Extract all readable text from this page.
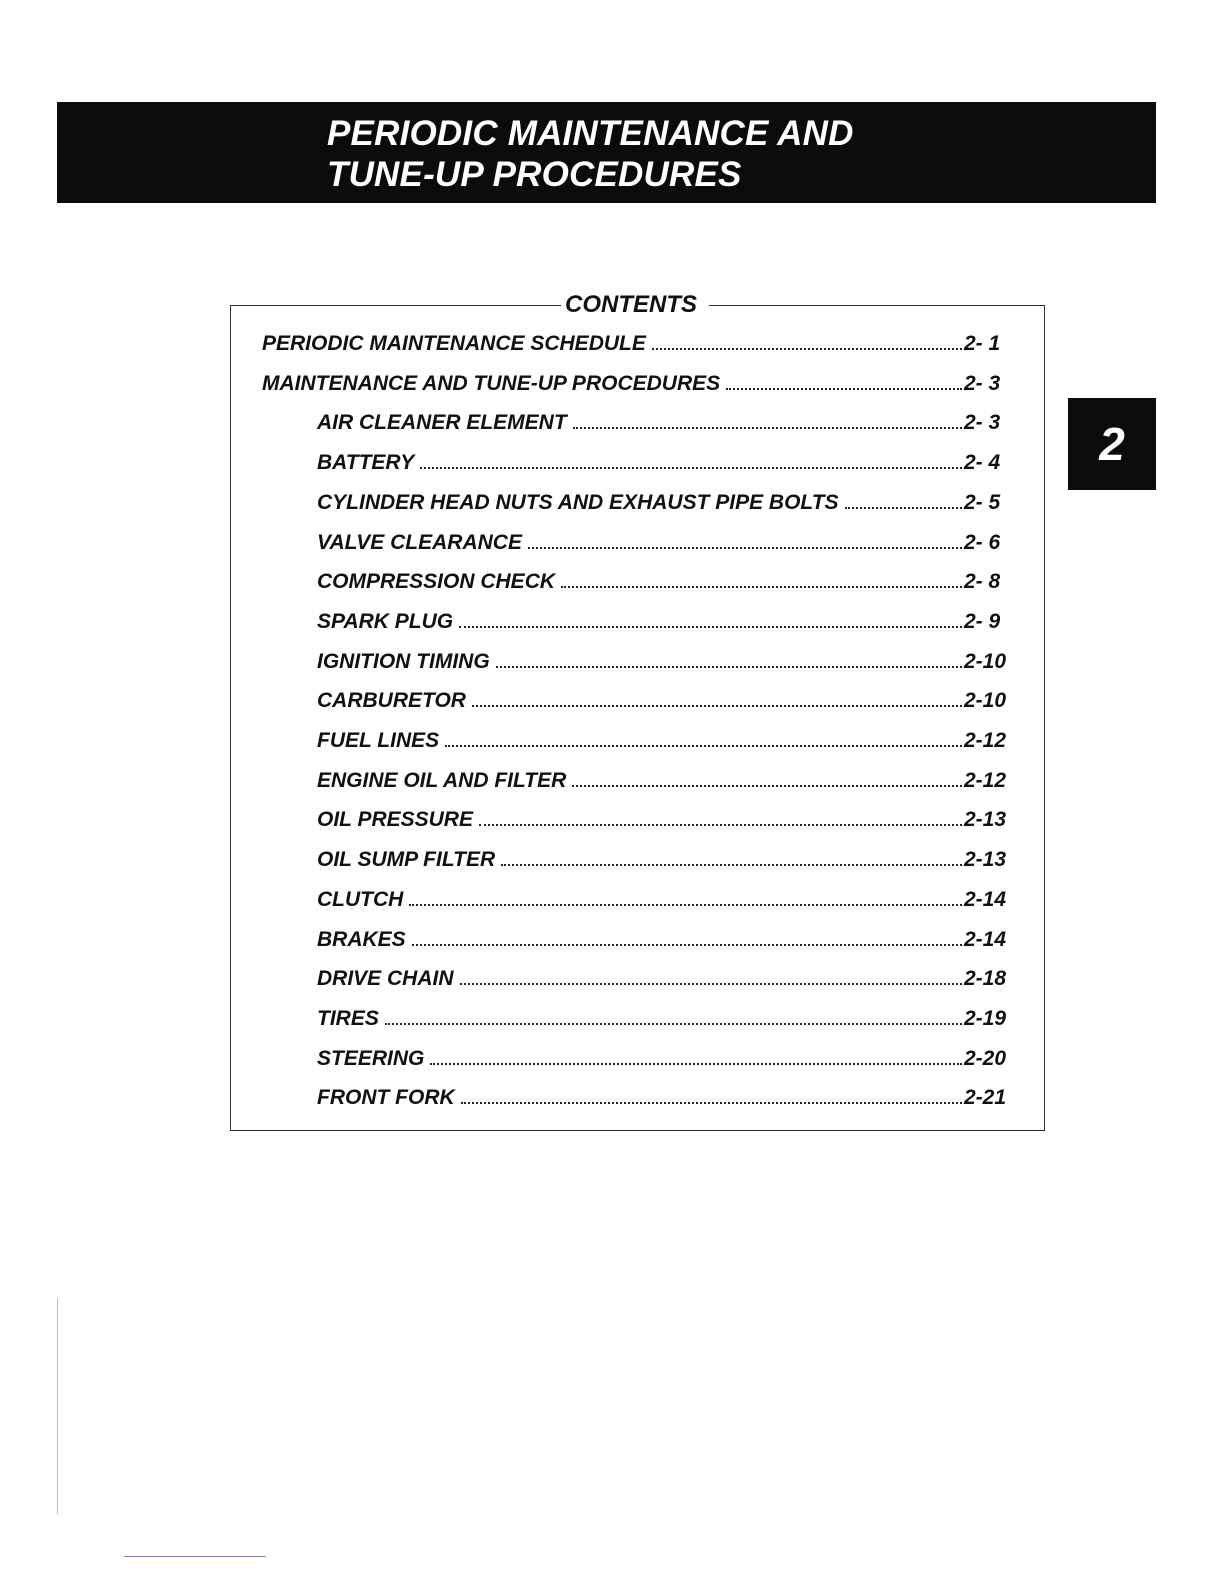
PERIODIC MAINTENANCE AND
TUNE-UP PROCEDURES
2
CONTENTS
PERIODIC MAINTENANCE SCHEDULE	2- 1
MAINTENANCE AND TUNE-UP PROCEDURES	2- 3
AIR CLEANER ELEMENT	2- 3
BATTERY	2- 4
CYLINDER HEAD NUTS AND EXHAUST PIPE BOLTS	2- 5
VALVE CLEARANCE	2- 6
COMPRESSION CHECK	2- 8
SPARK PLUG	2- 9
IGNITION TIMING	2-10
CARBURETOR	2-10
FUEL LINES	2-12
ENGINE OIL AND FILTER	2-12
OIL PRESSURE	2-13
OIL SUMP FILTER	2-13
CLUTCH	2-14
BRAKES	2-14
DRIVE CHAIN	2-18
TIRES	2-19
STEERING	2-20
FRONT FORK	2-21
